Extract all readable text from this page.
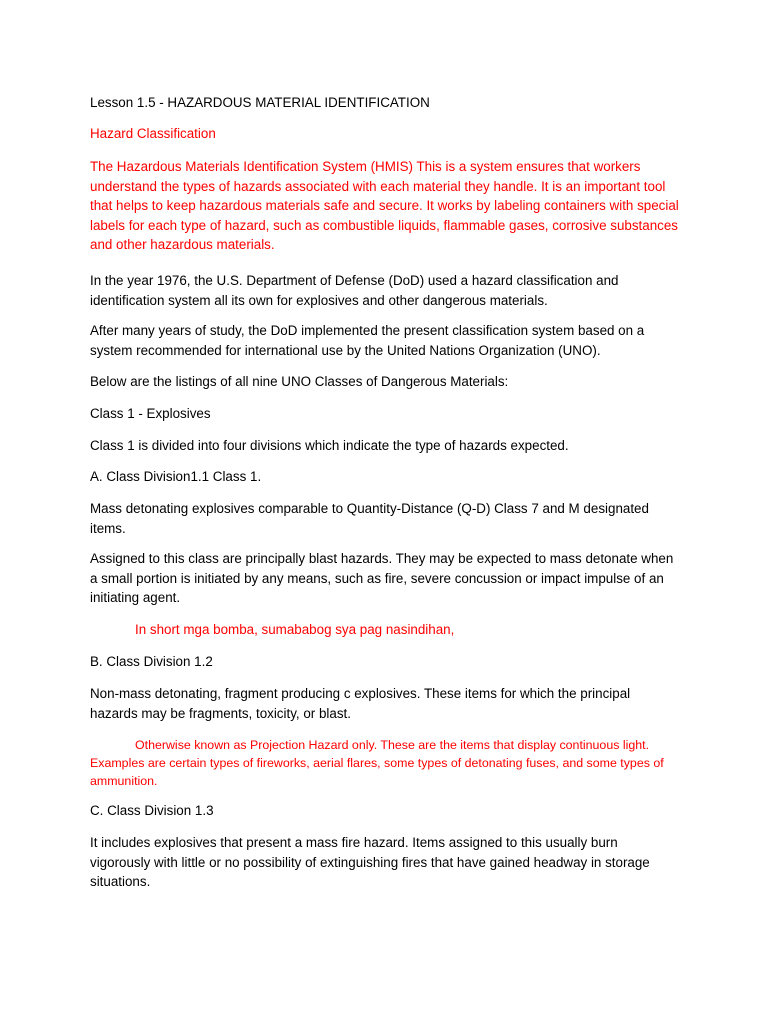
Lesson 1.5 - HAZARDOUS MATERIAL IDENTIFICATION

Hazard Classification

The Hazardous Materials Identification System (HMIS) This is a system ensures that workers understand the types of hazards associated with each material they handle. It is an important tool that helps to keep hazardous materials safe and secure. It works by labeling containers with special labels for each type of hazard, such as combustible liquids, flammable gases, corrosive substances and other hazardous materials.

In the year 1976, the U.S. Department of Defense (DoD) used a hazard classification and identification system all its own for explosives and other dangerous materials.

After many years of study, the DoD implemented the present classification system based on a system recommended for international use by the United Nations Organization (UNO).

Below are the listings of all nine UNO Classes of Dangerous Materials:

Class 1 - Explosives

Class 1 is divided into four divisions which indicate the type of hazards expected.

A. Class Division1.1 Class 1.

Mass detonating explosives comparable to Quantity-Distance (Q-D) Class 7 and M designated items.

Assigned to this class are principally blast hazards. They may be expected to mass detonate when a small portion is initiated by any means, such as fire, severe concussion or impact impulse of an initiating agent.

In short mga bomba, sumababog sya pag nasindihan,

B. Class Division 1.2

Non-mass detonating, fragment producing c explosives. These items for which the principal hazards may be fragments, toxicity, or blast.

Otherwise known as Projection Hazard only. These are the items that display continuous light. Examples are certain types of fireworks, aerial flares, some types of detonating fuses, and some types of ammunition.

C. Class Division 1.3

It includes explosives that present a mass fire hazard. Items assigned to this usually burn vigorously with little or no possibility of extinguishing fires that have gained headway in storage situations.
